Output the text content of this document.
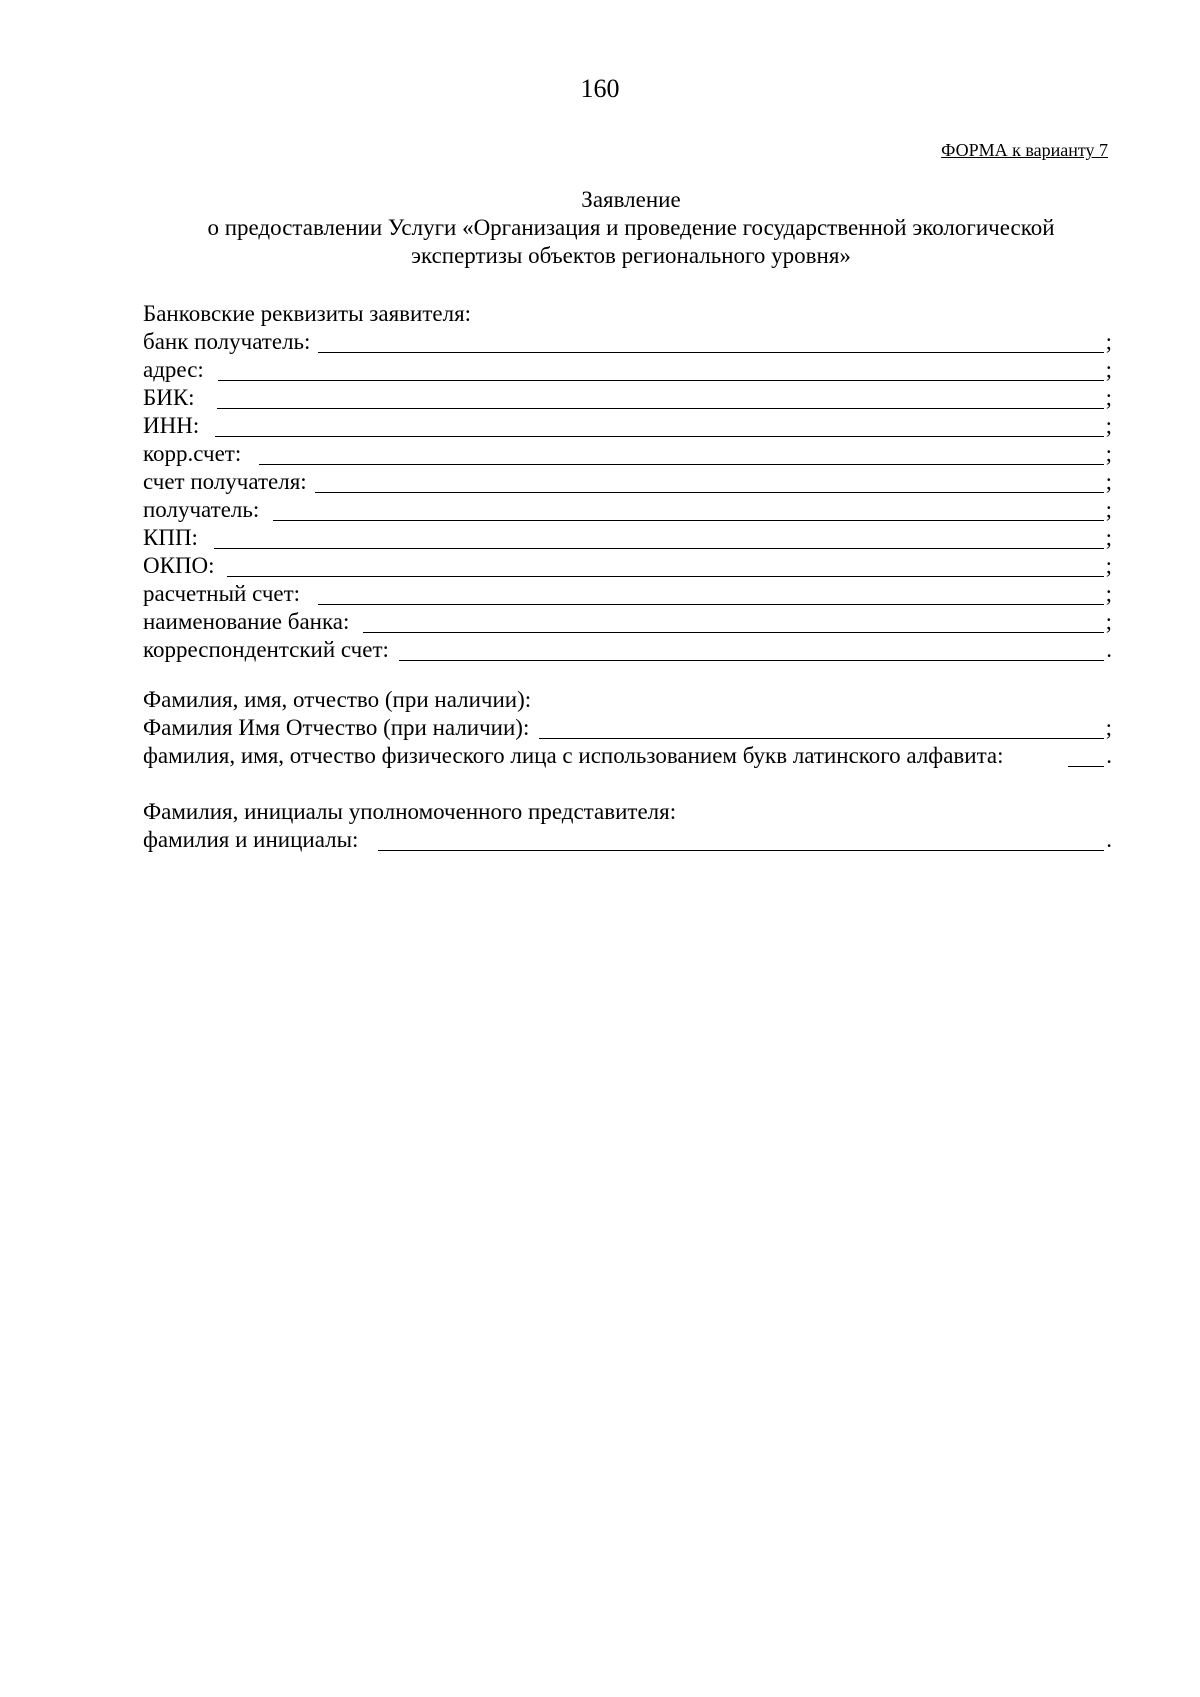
160
ФОРМА к варианту 7
Заявление
о предоставлении Услуги «Организация и проведение государственной экологической
экспертизы объектов регионального уровня»
Банковские реквизиты заявителя:
банк получатель:	;
адрес:	;
БИК:	;
ИНН:	;
корр.счет:	;
счет получателя:	;
получатель:	;
КПП:	;
ОКПО:	;
расчетный счет:	;
наименование банка:	;
корреспондентский счет:	.
Фамилия, имя, отчество (при наличии):
Фамилия Имя Отчество (при наличии):	;
фамилия, имя, отчество физического лица с использованием букв латинского алфавита:	.
Фамилия, инициалы уполномоченного представителя:
фамилия и инициалы:	.
